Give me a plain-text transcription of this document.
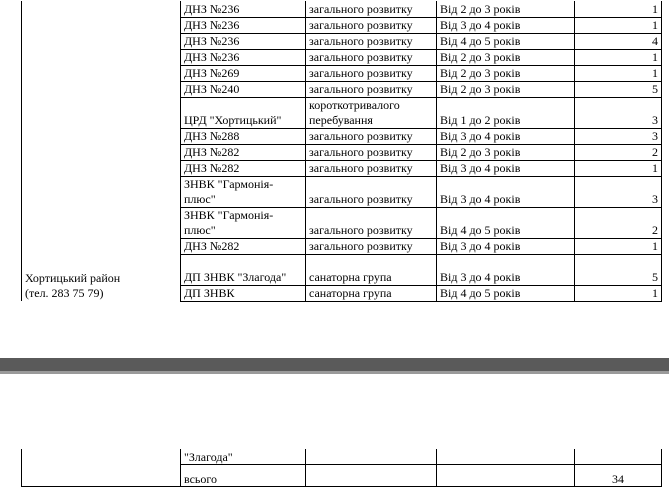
Хортицький район
(тел. 283 75 79)	ДНЗ №236	загального розвитку	Від 2 до 3 років	1
	ДНЗ №236	загального розвитку	Від 3 до 4 років	1
	ДНЗ №236	загального розвитку	Від 4 до 5 років	4
	ДНЗ №236	загального розвитку	Від 2 до 3 років	1
	ДНЗ №269	загального розвитку	Від 2 до 3 років	1
	ДНЗ №240	загального розвитку	Від 2 до 3 років	5
	ЦРД "Хортицький"	короткотривалого перебування	Від 1 до 2 років	3
	ДНЗ №288	загального розвитку	Від 3 до 4 років	3
	ДНЗ №282	загального розвитку	Від 2 до 3 років	2
	ДНЗ №282	загального розвитку	Від 3 до 4 років	1
	ЗНВК "Гармонія-плюс"	загального розвитку	Від 3 до 4 років	3
	ЗНВК "Гармонія-плюс"	загального розвитку	Від 4 до 5 років	2
	ДНЗ №282	загального розвитку	Від 3 до 4 років	1
	ДП ЗНВК "Злагода"	санаторна група	Від 3 до 4 років	5
	ДП ЗНВК	санаторна група	Від 4 до 5 років	1
	"Злагода"			
	всього			34
